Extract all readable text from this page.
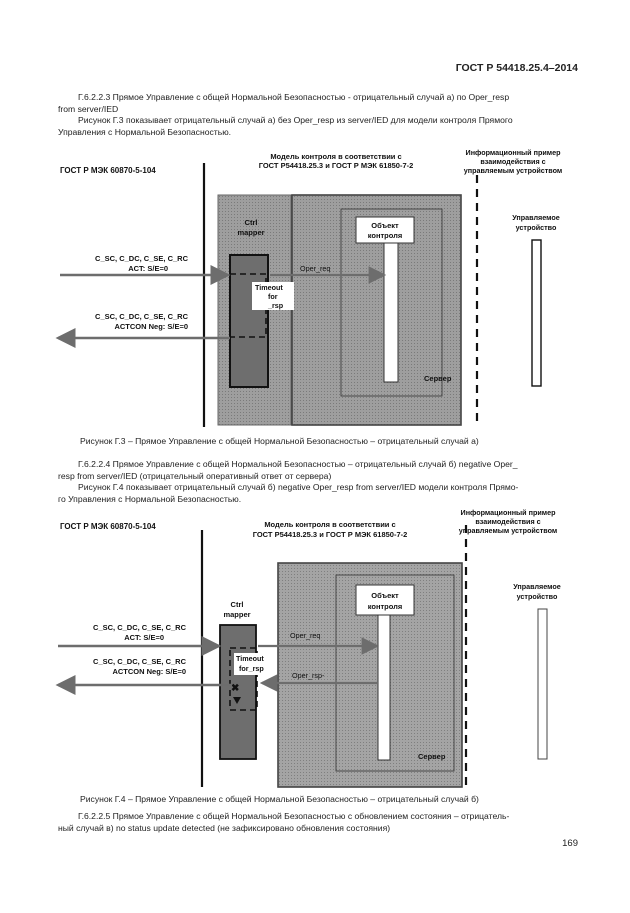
ГОСТ Р 54418.25.4–2014
Г.6.2.2.3 Прямое Управление с общей Нормальной Безопасностью - отрицательный случай а) по Oper_resp
from server/IED
Рисунок Г.3 показывает отрицательный случай а) без Oper_resp из server/IED для модели контроля Прямого
Управления с Нормальной Безопасностью.
ГОСТ Р МЭК 60870-5-104
Модель контроля в соответствии с
ГОСТ Р54418.25.3 и ГОСТ Р МЭК 61850-7-2
Информационный пример
взаимодействия с
управляемым устройством
Объект
контроля
Сервер
Ctrl
mapper
Timeout
for
_rsp
C_SC, C_DC, C_SE, C_RC
ACT: S/E=0	Oper_req
C_SC, C_DC, C_SE, C_RC
ACTCON Neg: S/E=0
Управляемое
устройство
Рисунок Г.3 – Прямое Управление с общей Нормальной Безопасностью – отрицательный случай а)
Г.6.2.2.4 Прямое Управление с общей Нормальной Безопасностью – отрицательный случай б) negative Oper_
resp from server/IED (отрицательный оперативный ответ от сервера)
Рисунок Г.4 показывает отрицательный случай б) negative Oper_resp from server/IED модели контроля Прямо-
го Управления с Нормальной Безопасностью.
ГОСТ Р МЭК 60870-5-104	Модель контроля в соответствии с
ГОСТ Р54418.25.3 и ГОСТ Р МЭК 61850-7-2
Информационный пример
взаимодействия с
управляемым устройством
Объект
контроля
Сервер
Ctrl
mapper
Timeout
for_rsp
✖
C_SC, C_DC, C_SE, C_RC
ACT: S/E=0	Oper_req
C_SC, C_DC, C_SE, C_RC
ACTCON Neg: S/E=0	Oper_rsp-
Управляемое
устройство
Рисунок Г.4 – Прямое Управление с общей Нормальной Безопасностью – отрицательный случай б)
Г.6.2.2.5 Прямое Управление с общей Нормальной Безопасностью с обновлением состояния – отрицатель-
ный случай в) no status update detected (не зафиксировано обновления состояния)
169
